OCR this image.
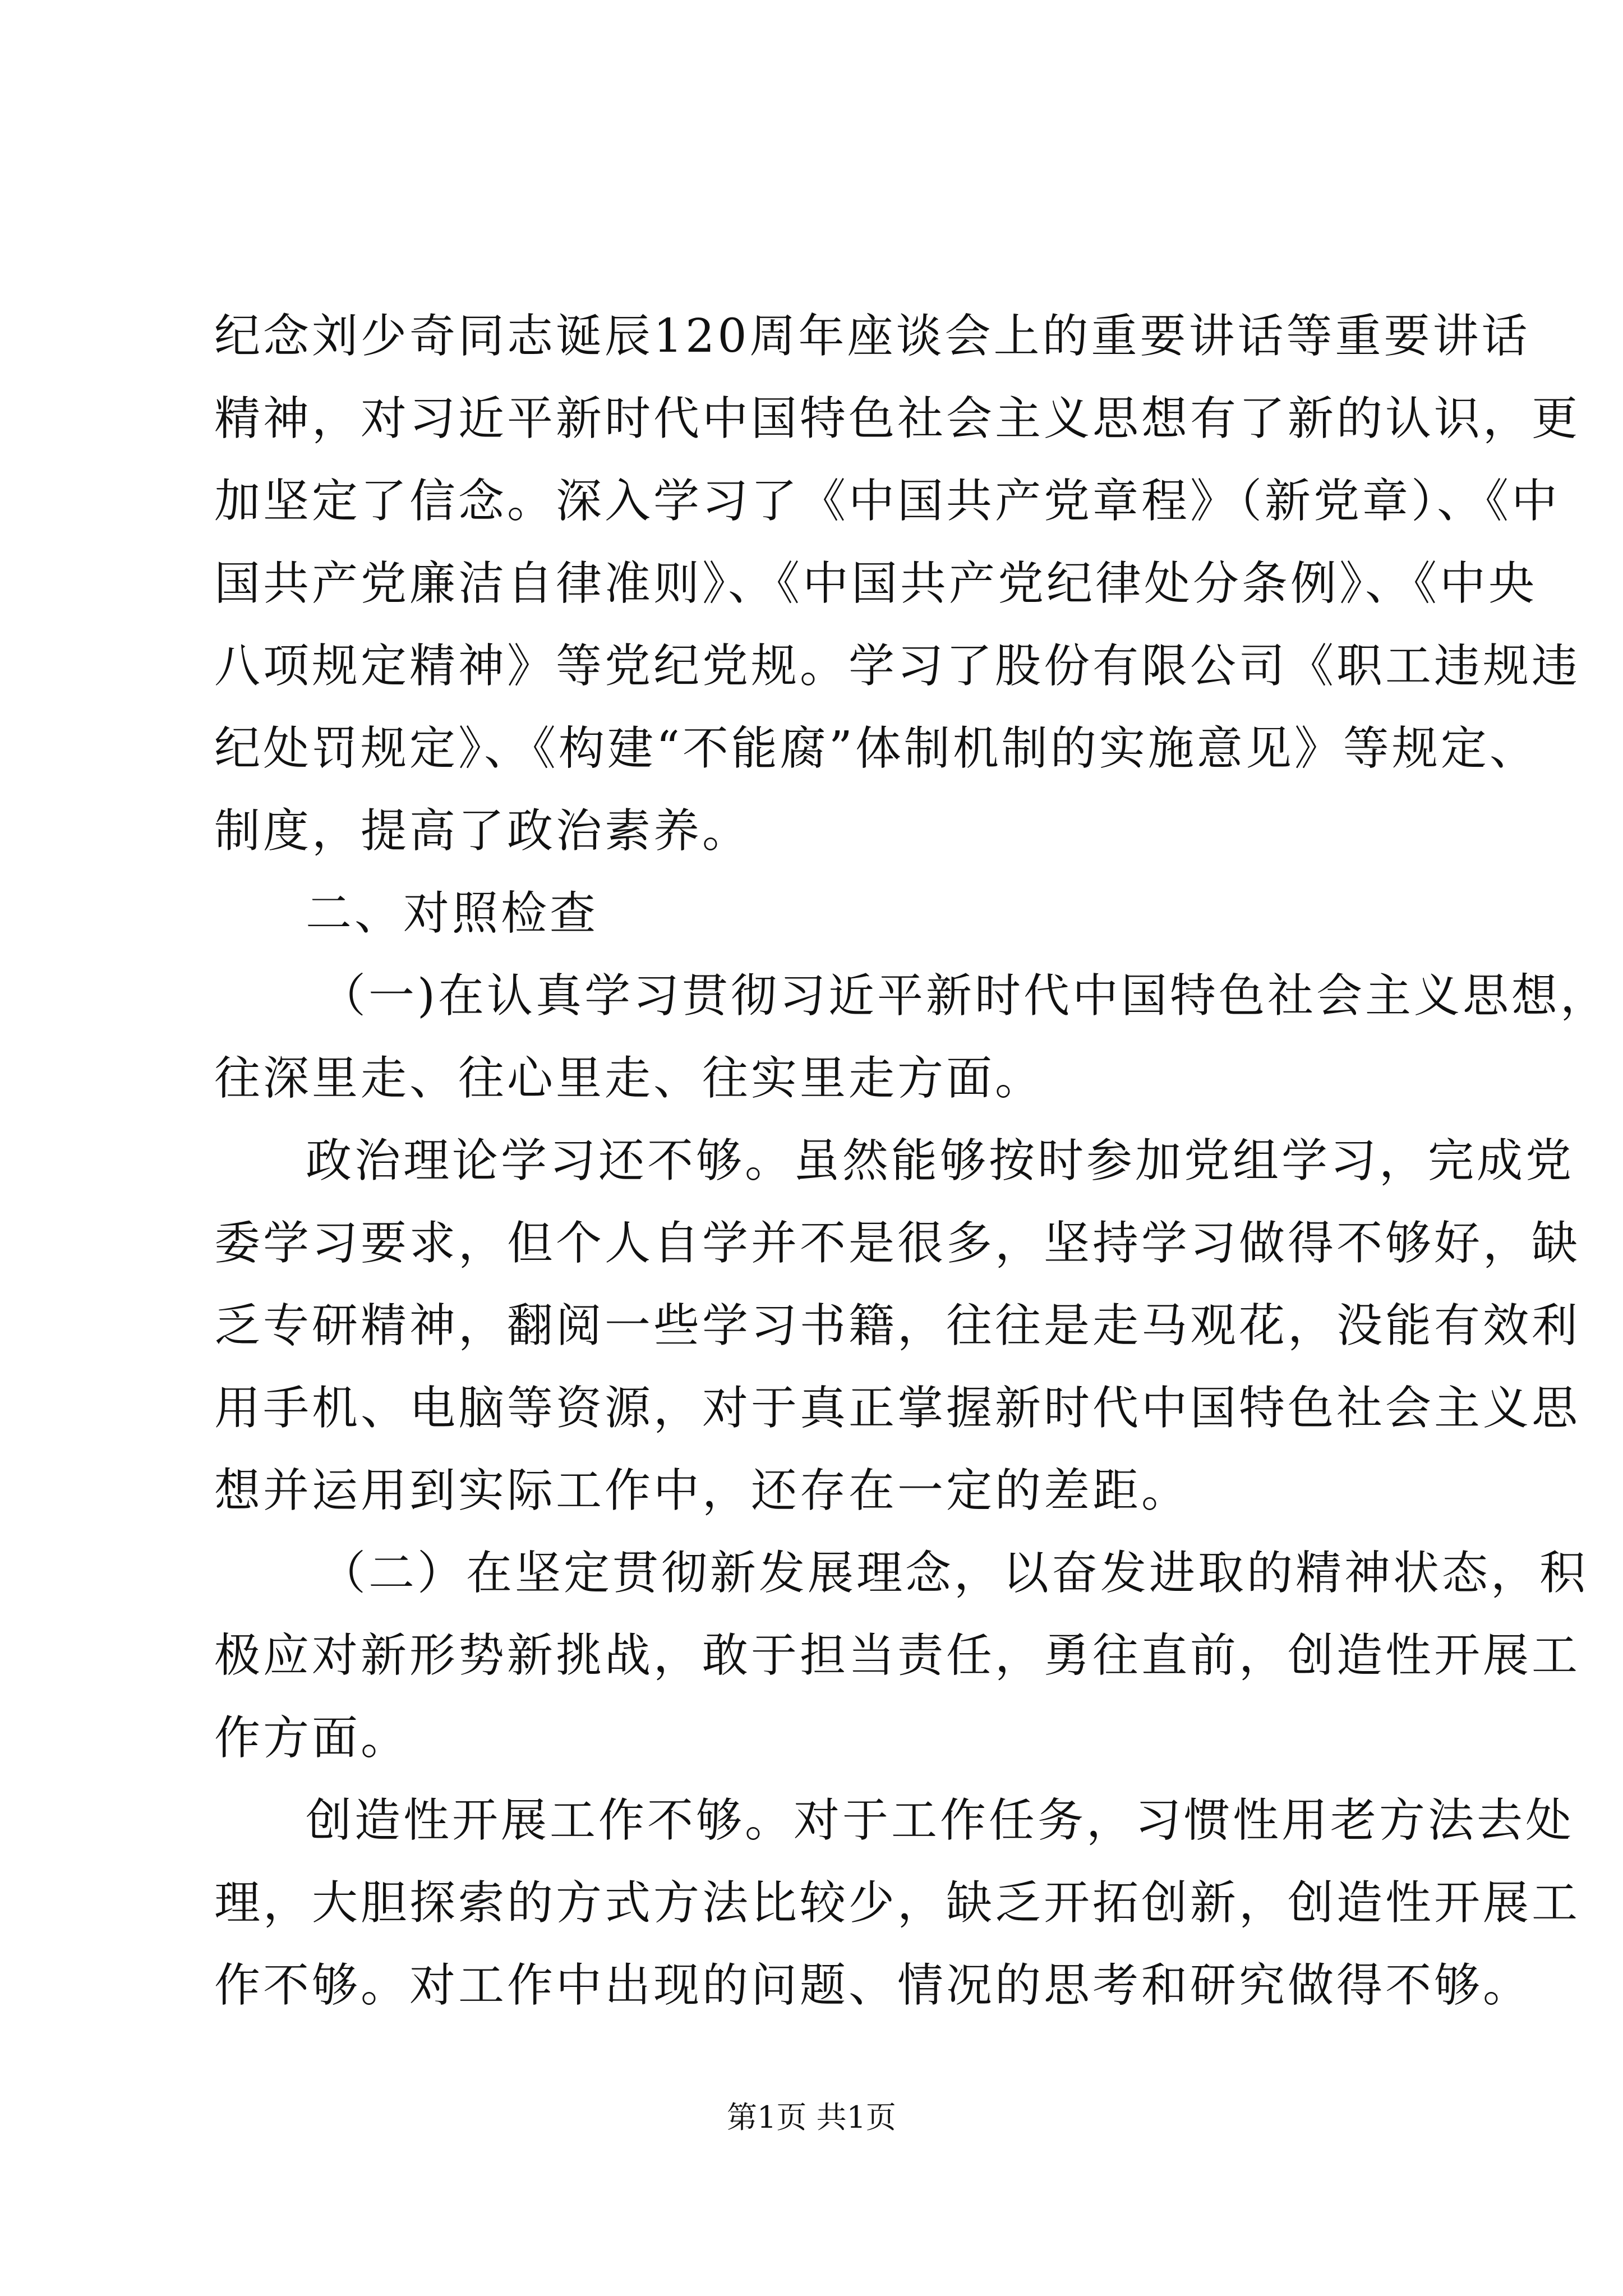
纪念刘少奇同志诞辰120周年座谈会上的重要讲话等重要讲话
精神，对习近平新时代中国特色社会主义思想有了新的认识，更
加坚定了信念。深入学习了《中国共产党章程》（新党章）、《中
国共产党廉洁自律准则》、《中国共产党纪律处分条例》、《中央
八项规定精神》等党纪党规。学习了股份有限公司《职工违规违
纪处罚规定》、《构建“不能腐”体制机制的实施意见》等规定、
制度，提高了政治素养。
二、对照检查
（一)在认真学习贯彻习近平新时代中国特色社会主义思想，
往深里走、往心里走、往实里走方面。
政治理论学习还不够。虽然能够按时参加党组学习，完成党
委学习要求，但个人自学并不是很多，坚持学习做得不够好，缺
乏专研精神，翻阅一些学习书籍，往往是走马观花，没能有效利
用手机、电脑等资源，对于真正掌握新时代中国特色社会主义思
想并运用到实际工作中，还存在一定的差距。
（二）在坚定贯彻新发展理念，以奋发进取的精神状态，积
极应对新形势新挑战，敢于担当责任，勇往直前，创造性开展工
作方面。
创造性开展工作不够。对于工作任务，习惯性用老方法去处
理，大胆探索的方式方法比较少，缺乏开拓创新，创造性开展工
作不够。对工作中出现的问题、情况的思考和研究做得不够。
第1页 共1页
